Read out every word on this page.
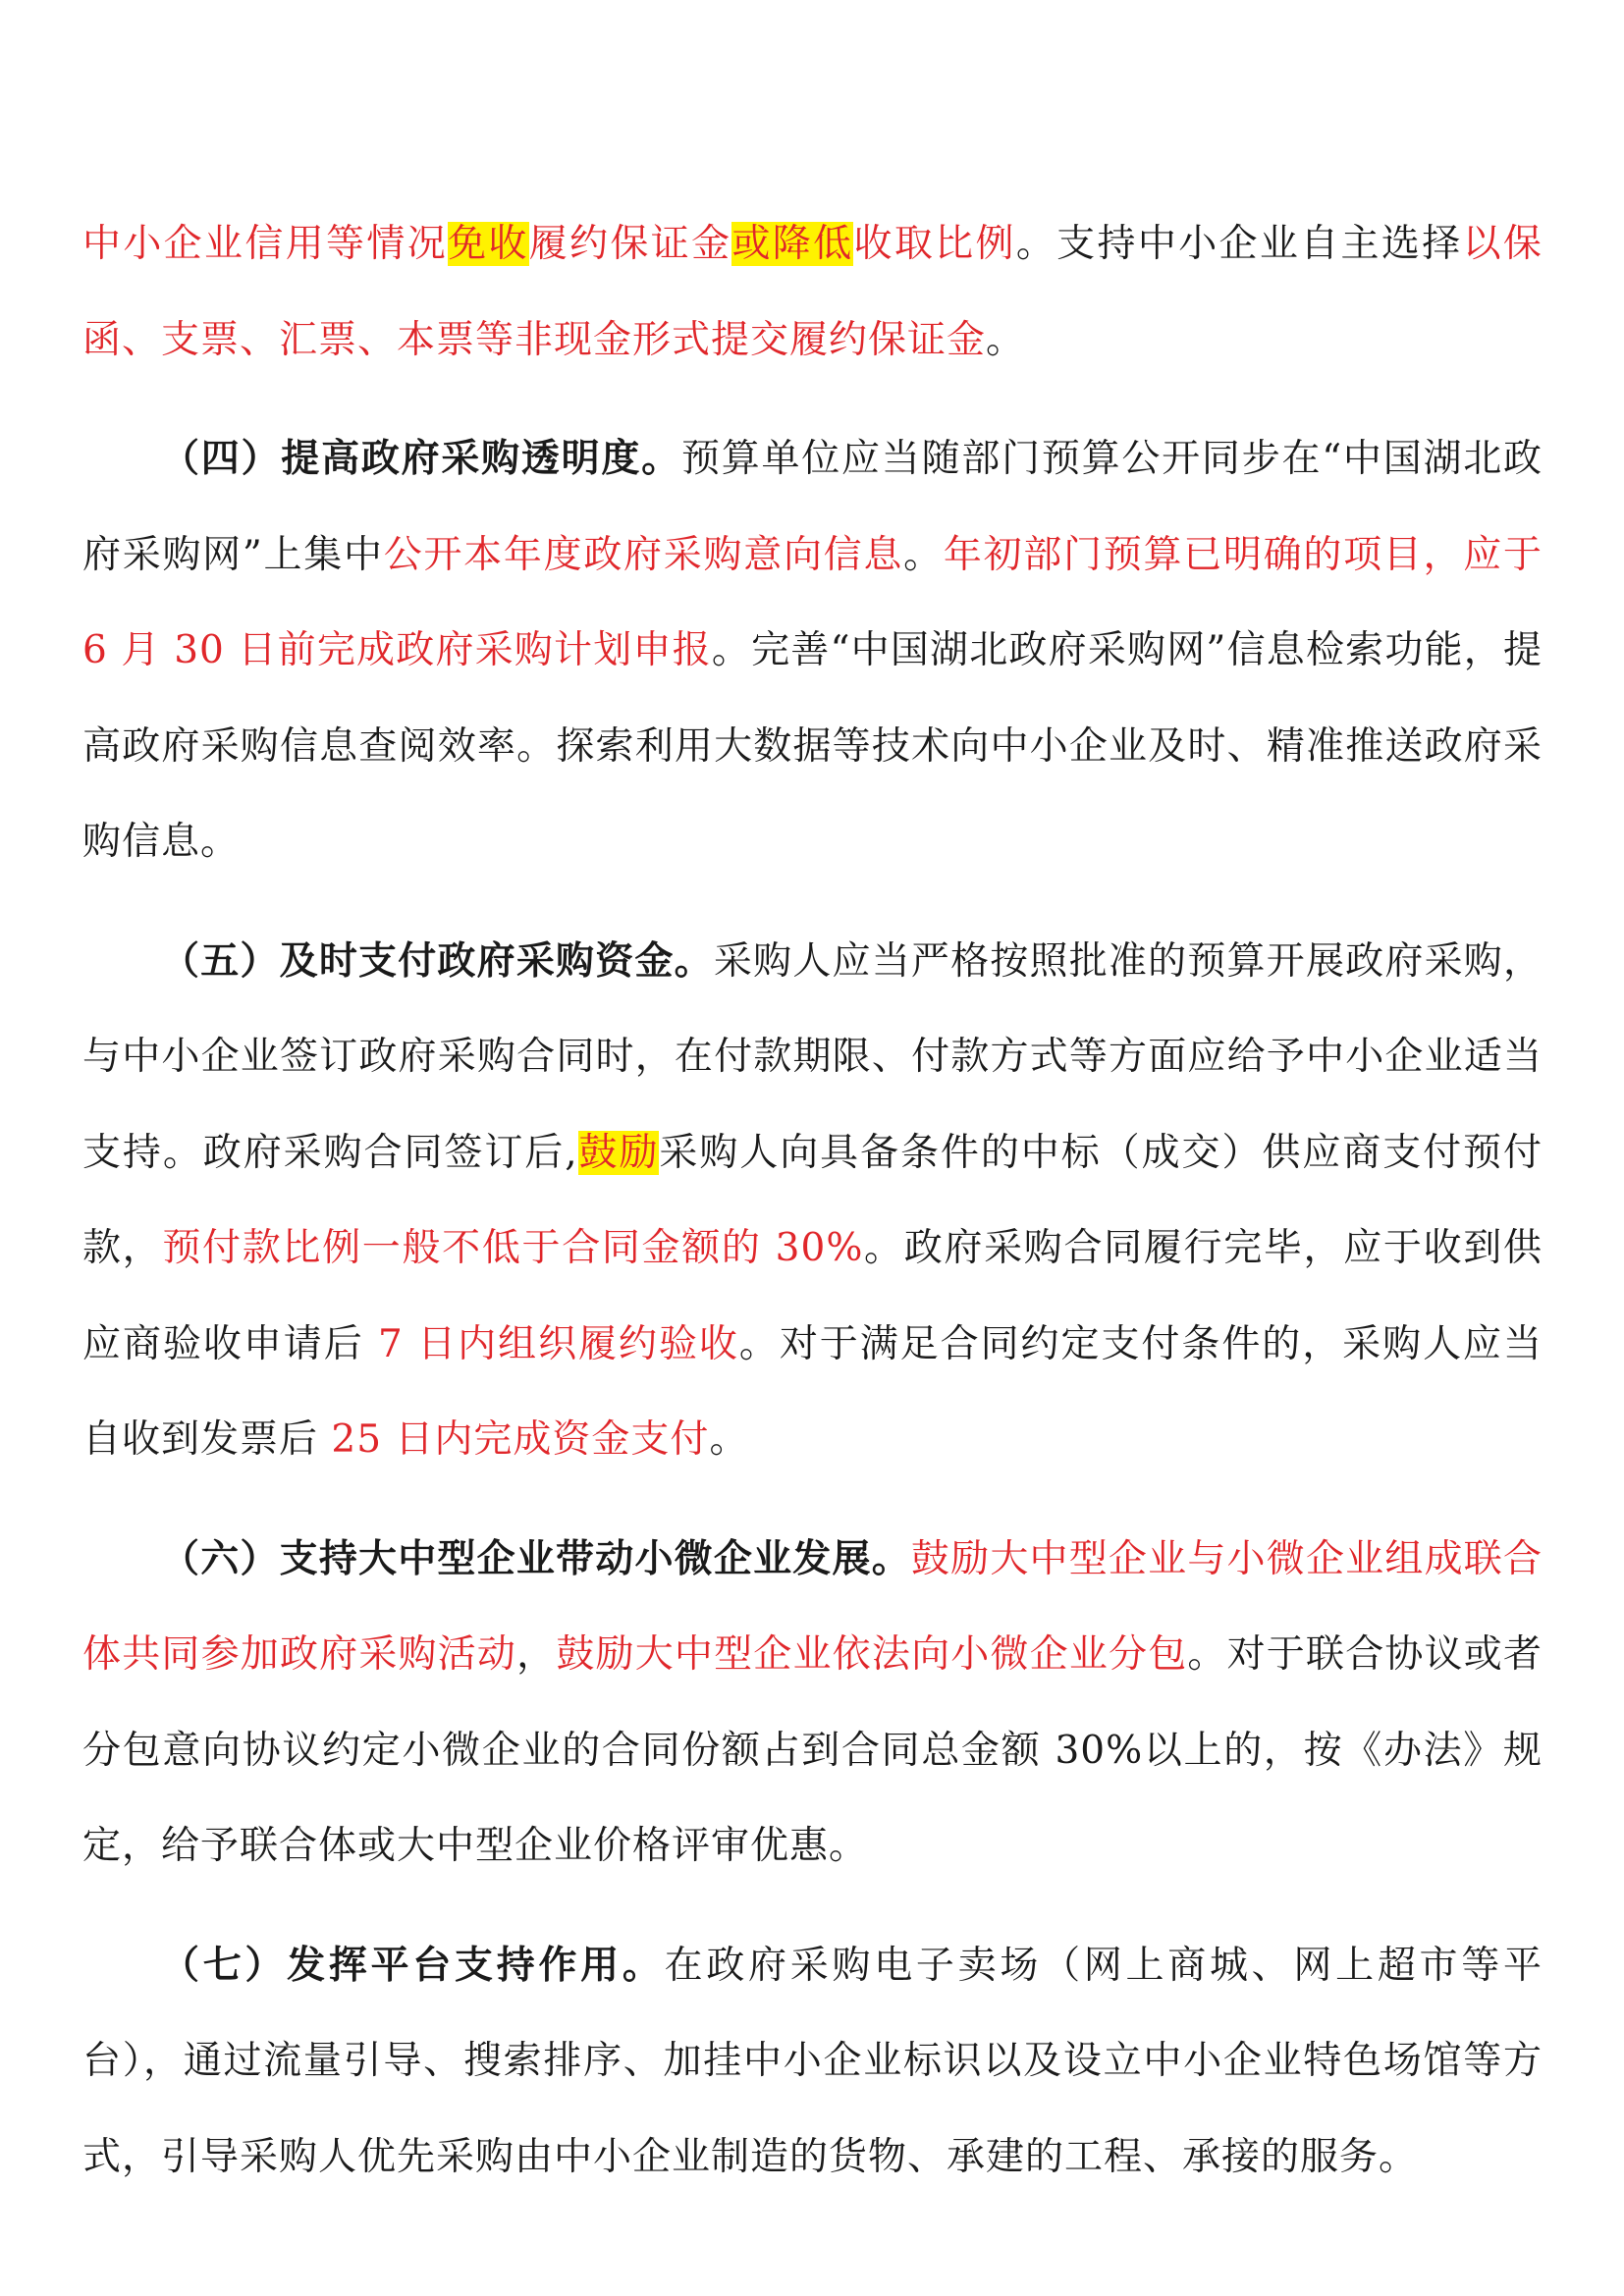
中小企业信用等情况免收履约保证金或降低收取比例。支持中小企业自主选择以保函、支票、汇票、本票等非现金形式提交履约保证金。

（四）提高政府采购透明度。预算单位应当随部门预算公开同步在“中国湖北政府采购网”上集中公开本年度政府采购意向信息。年初部门预算已明确的项目，应于 6 月 30 日前完成政府采购计划申报。完善“中国湖北政府采购网”信息检索功能，提高政府采购信息查阅效率。探索利用大数据等技术向中小企业及时、精准推送政府采购信息。

（五）及时支付政府采购资金。采购人应当严格按照批准的预算开展政府采购，与中小企业签订政府采购合同时，在付款期限、付款方式等方面应给予中小企业适当支持。政府采购合同签订后,鼓励采购人向具备条件的中标（成交）供应商支付预付款，预付款比例一般不低于合同金额的 30%。政府采购合同履行完毕，应于收到供应商验收申请后 7 日内组织履约验收。对于满足合同约定支付条件的，采购人应当自收到发票后 25 日内完成资金支付。

（六）支持大中型企业带动小微企业发展。鼓励大中型企业与小微企业组成联合体共同参加政府采购活动，鼓励大中型企业依法向小微企业分包。对于联合协议或者分包意向协议约定小微企业的合同份额占到合同总金额 30%以上的，按《办法》规定，给予联合体或大中型企业价格评审优惠。

（七）发挥平台支持作用。在政府采购电子卖场（网上商城、网上超市等平台），通过流量引导、搜索排序、加挂中小企业标识以及设立中小企业特色场馆等方式，引导采购人优先采购由中小企业制造的货物、承建的工程、承接的服务。
